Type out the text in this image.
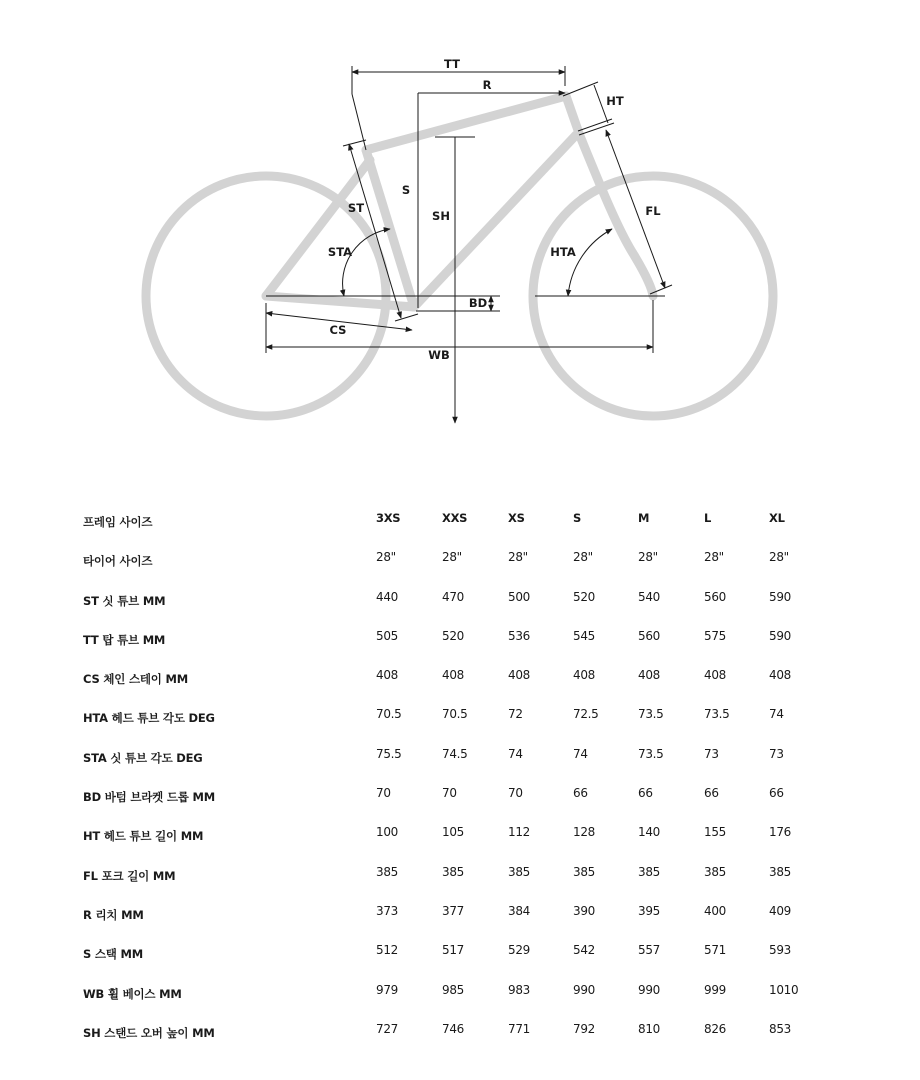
TT
R
HT
S
ST
SH	FL
STA	HTA
BD
CS
WB
프레임 사이즈	3XS	XXS	XS	S	M	L	XL
타이어 사이즈	28"	28"	28"	28"	28"	28"	28"
ST 싯 튜브 MM	440	470	500	520	540	560	590
TT 탑 튜브 MM	505	520	536	545	560	575	590
CS 체인 스테이 MM	408	408	408	408	408	408	408
HTA 헤드 튜브 각도 DEG	70.5	70.5	72	72.5	73.5	73.5	74
STA 싯 튜브 각도 DEG	75.5	74.5	74	74	73.5	73	73
BD 바텀 브라켓 드롭 MM	70	70	70	66	66	66	66
HT 헤드 튜브 길이 MM	100	105	112	128	140	155	176
FL 포크 길이 MM	385	385	385	385	385	385	385
R 리치 MM	373	377	384	390	395	400	409
S 스택 MM	512	517	529	542	557	571	593
WB 휠 베이스 MM	979	985	983	990	990	999	1010
SH 스탠드 오버 높이 MM	727	746	771	792	810	826	853
